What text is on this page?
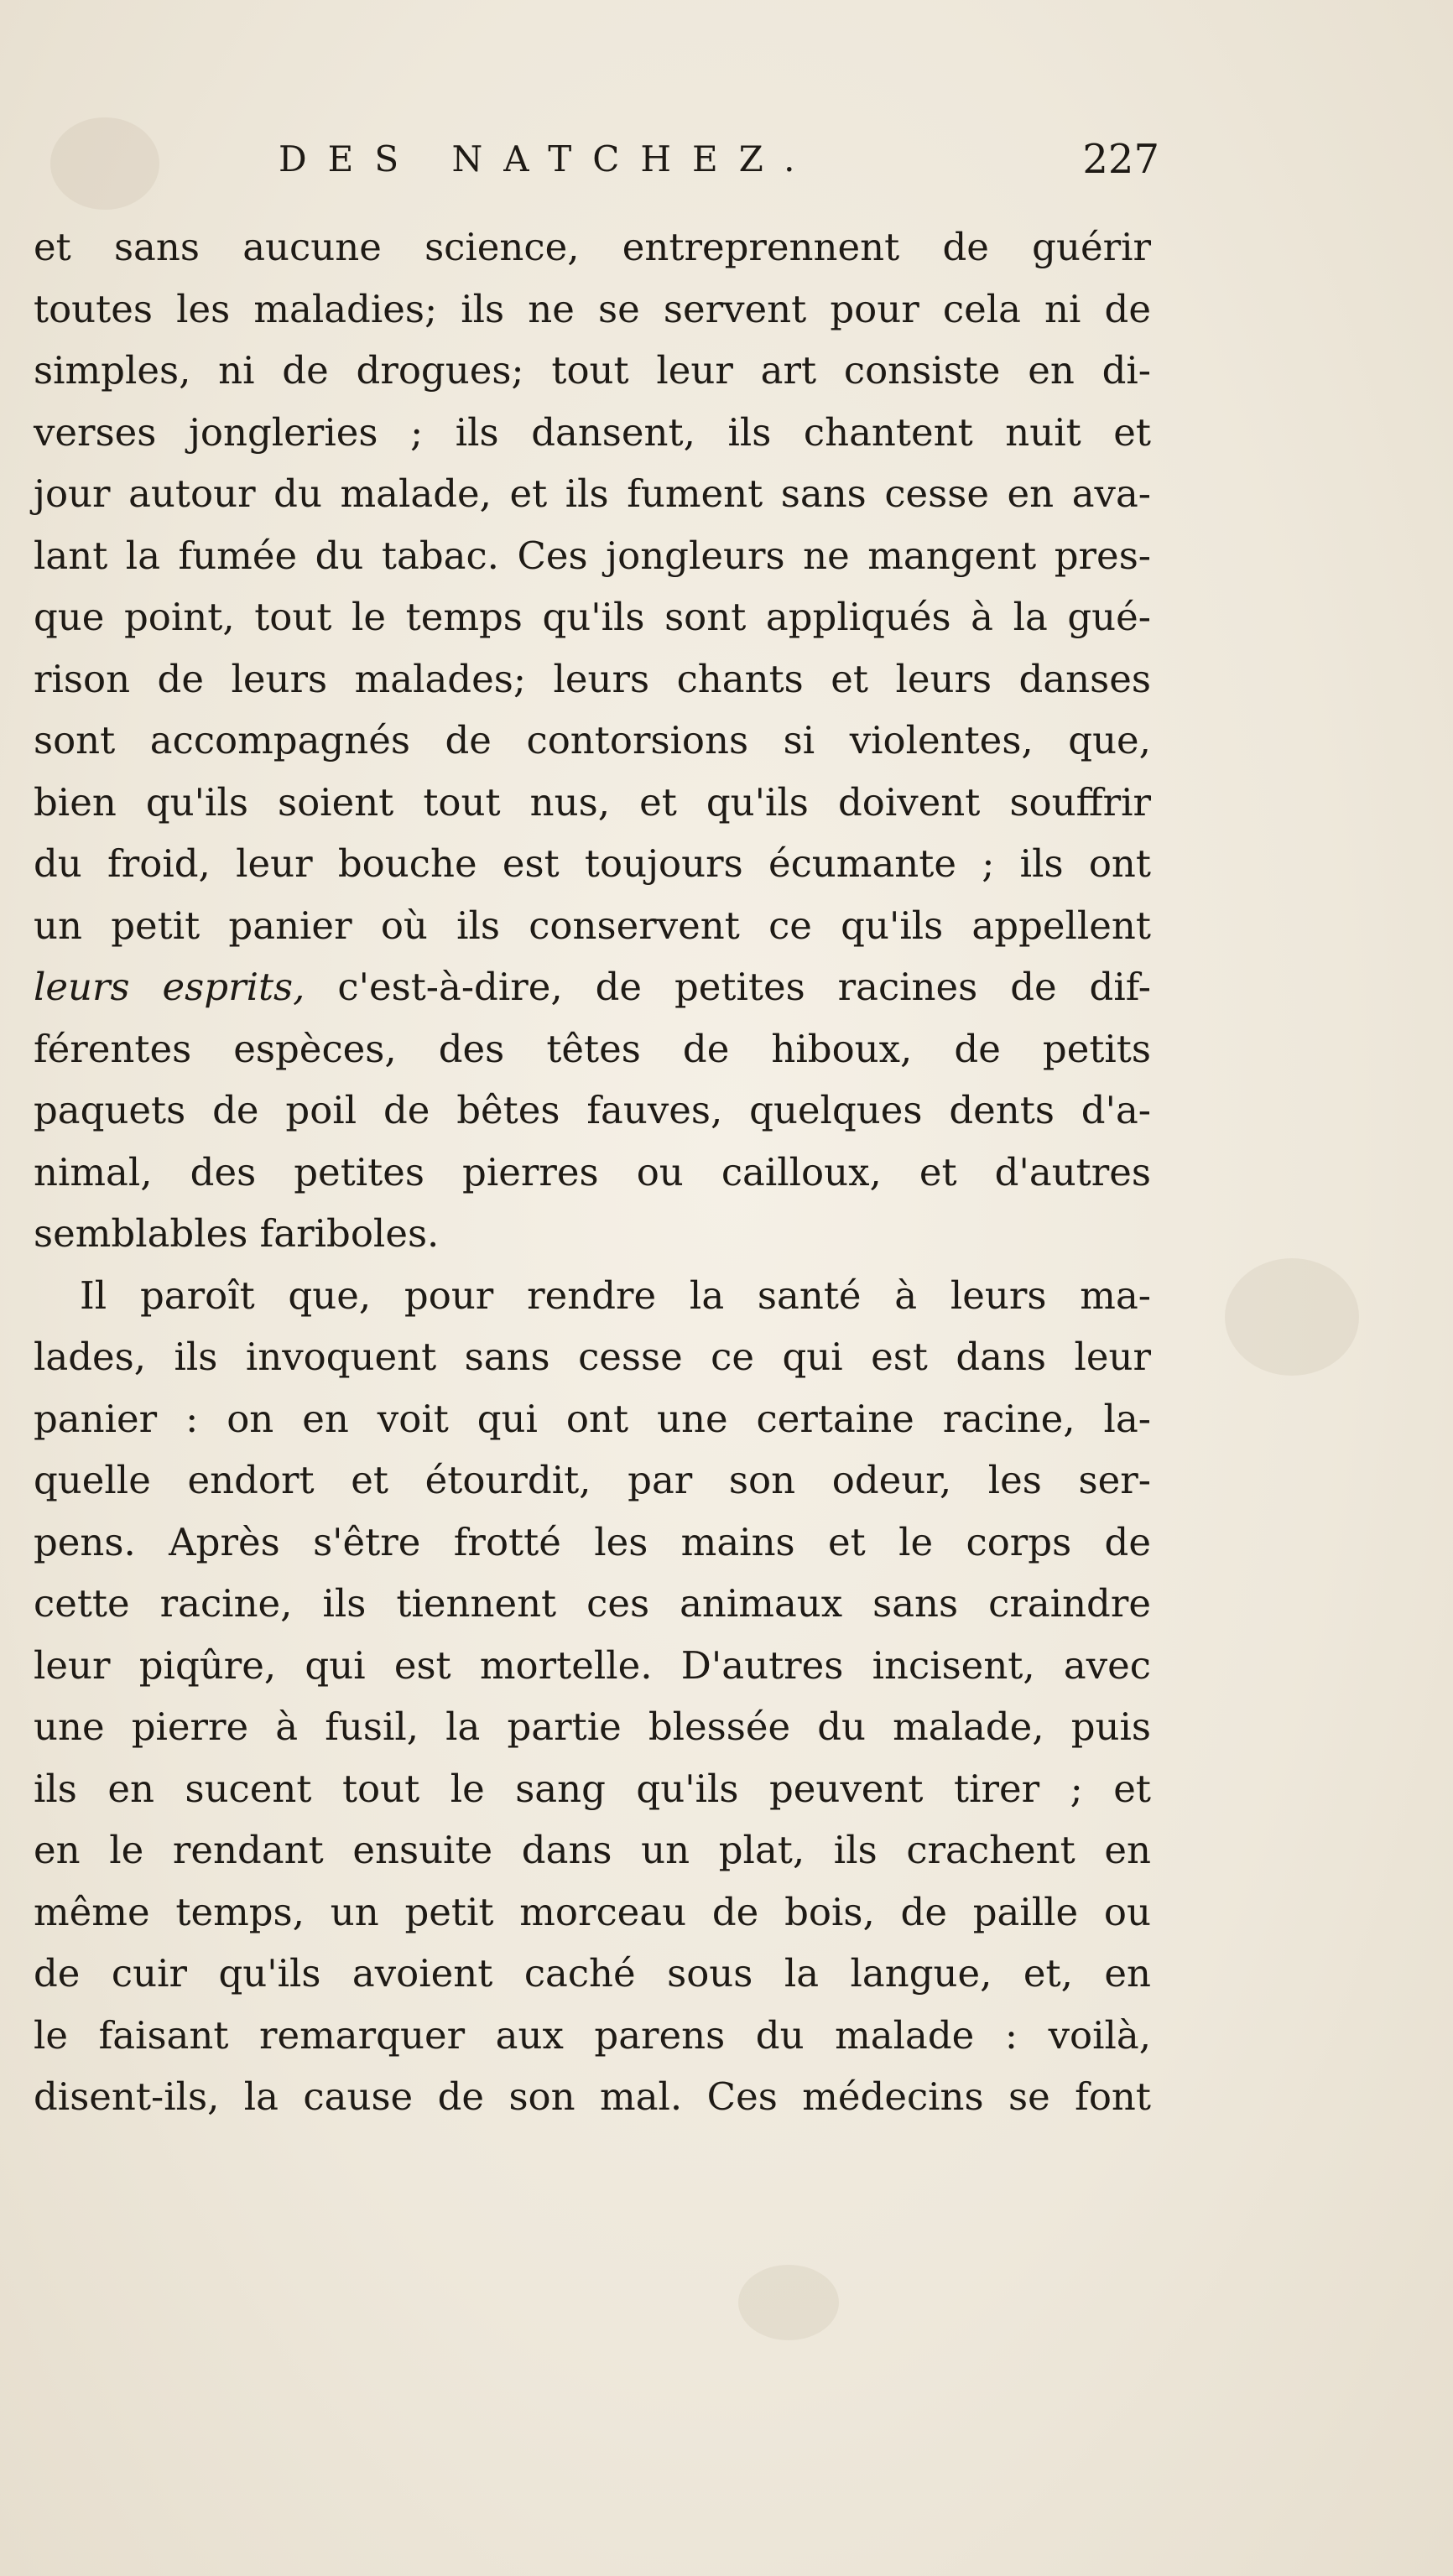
DES NATCHEZ.	227
et sans aucune science, entreprennent de guérir
toutes les maladies; ils ne se servent pour cela ni de
simples, ni de drogues; tout leur art consiste en di-
verses jongleries ; ils dansent, ils chantent nuit et
jour autour du malade, et ils fument sans cesse en ava-
lant la fumée du tabac. Ces jongleurs ne mangent pres-
que point, tout le temps qu'ils sont appliqués à la gué-
rison de leurs malades; leurs chants et leurs danses
sont accompagnés de contorsions si violentes, que,
bien qu'ils soient tout nus, et qu'ils doivent souffrir
du froid, leur bouche est toujours écumante ; ils ont
un petit panier où ils conservent ce qu'ils appellent
leurs esprits, c'est-à-dire, de petites racines de dif-
férentes espèces, des têtes de hiboux, de petits
paquets de poil de bêtes fauves, quelques dents d'a-
nimal, des petites pierres ou cailloux, et d'autres
semblables fariboles.
Il paroît que, pour rendre la santé à leurs ma-
lades, ils invoquent sans cesse ce qui est dans leur
panier : on en voit qui ont une certaine racine, la-
quelle endort et étourdit, par son odeur, les ser-
pens. Après s'être frotté les mains et le corps de
cette racine, ils tiennent ces animaux sans craindre
leur piqûre, qui est mortelle. D'autres incisent, avec
une pierre à fusil, la partie blessée du malade, puis
ils en sucent tout le sang qu'ils peuvent tirer ; et
en le rendant ensuite dans un plat, ils crachent en
même temps, un petit morceau de bois, de paille ou
de cuir qu'ils avoient caché sous la langue, et, en
le faisant remarquer aux parens du malade : voilà,
disent-ils, la cause de son mal. Ces médecins se font
